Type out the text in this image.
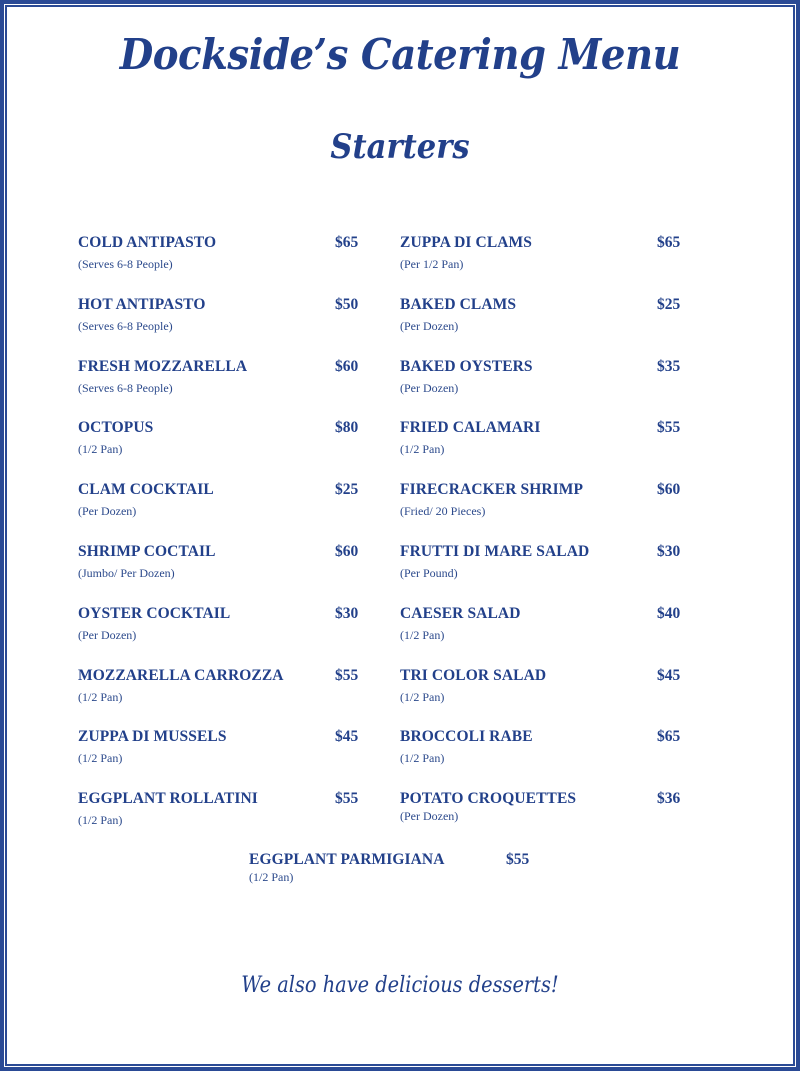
Dockside’s Catering Menu
Starters
COLD ANTIPASTO	$65
(Serves 6-8 People)
HOT ANTIPASTO	$50
(Serves 6-8 People)
FRESH MOZZARELLA	$60
(Serves 6-8 People)
OCTOPUS	$80
(1/2 Pan)
CLAM COCKTAIL	$25
(Per Dozen)
SHRIMP COCTAIL	$60
(Jumbo/ Per Dozen)
OYSTER COCKTAIL	$30
(Per Dozen)
MOZZARELLA CARROZZA	$55
(1/2 Pan)
ZUPPA DI MUSSELS	$45
(1/2 Pan)
EGGPLANT ROLLATINI	$55
(1/2 Pan)
ZUPPA DI CLAMS	$65
(Per 1/2 Pan)
BAKED CLAMS	$25
(Per Dozen)
BAKED OYSTERS	$35
(Per Dozen)
FRIED CALAMARI	$55
(1/2 Pan)
FIRECRACKER SHRIMP	$60
(Fried/ 20 Pieces)
FRUTTI DI MARE SALAD	$30
(Per Pound)
CAESER SALAD	$40
(1/2 Pan)
TRI COLOR SALAD	$45
(1/2 Pan)
BROCCOLI RABE	$65
(1/2 Pan)
POTATO CROQUETTES	$36
(Per Dozen)
EGGPLANT PARMIGIANA	$55
(1/2 Pan)
We also have delicious desserts!
